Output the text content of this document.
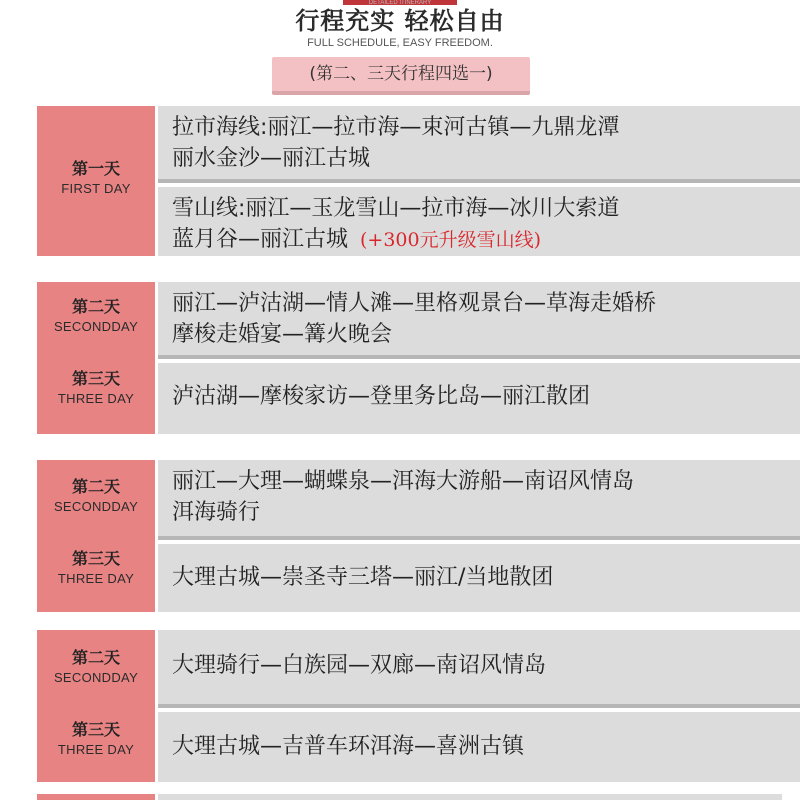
DETAILED ITINERARY
行程充实 轻松自由
FULL SCHEDULE, EASY FREEDOM.
(第二、三天行程四选一)
第一天
FIRST DAY
拉市海线:丽江—拉市海—束河古镇—九鼎龙潭
丽水金沙—丽江古城
雪山线:丽江—玉龙雪山—拉市海—冰川大索道
蓝月谷—丽江古城 (+300元升级雪山线)
第二天
SECONDDAY
第三天
THREE DAY
丽江—泸沽湖—情人滩—里格观景台—草海走婚桥
摩梭走婚宴—篝火晚会
泸沽湖—摩梭家访—登里务比岛—丽江散团
第二天
SECONDDAY
第三天
THREE DAY
丽江—大理—蝴蝶泉—洱海大游船—南诏风情岛
洱海骑行
大理古城—崇圣寺三塔—丽江/当地散团
第二天
SECONDDAY
第三天
THREE DAY
大理骑行—白族园—双廊—南诏风情岛
大理古城—吉普车环洱海—喜洲古镇
